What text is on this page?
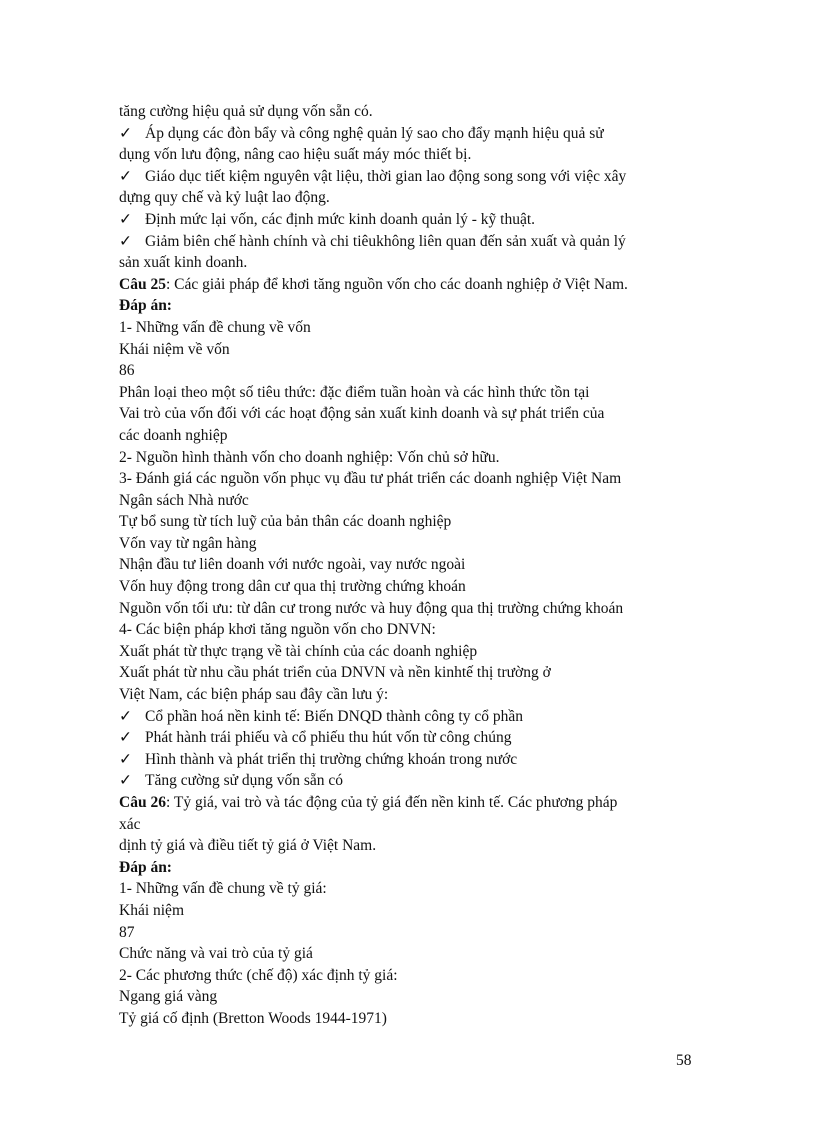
tăng cường hiệu quả sử dụng vốn sẵn có.
✓ Áp dụng các đòn bẩy và công nghệ quản lý sao cho đẩy mạnh hiệu quả sử
dụng vốn lưu động, nâng cao hiệu suất máy móc thiết bị.
✓ Giáo dục tiết kiệm nguyên vật liệu, thời gian lao động song song với việc xây
dựng quy chế và kỷ luật lao động.
✓ Định mức lại vốn, các định mức kinh doanh quản lý - kỹ thuật.
✓ Giảm biên chế hành chính và chi tiêukhông liên quan đến sản xuất và quản lý
sản xuất kinh doanh.
Câu 25: Các giải pháp để khơi tăng nguồn vốn cho các doanh nghiệp ở Việt Nam.
Đáp án:
1- Những vấn đề chung về vốn
Khái niệm về vốn
86
Phân loại theo một số tiêu thức: đặc điểm tuần hoàn và các hình thức tồn tại
Vai trò của vốn đối với các hoạt động sản xuất kinh doanh và sự phát triển của
các doanh nghiệp
2- Nguồn hình thành vốn cho doanh nghiệp: Vốn chủ sở hữu.
3- Đánh giá các nguồn vốn phục vụ đầu tư phát triển các doanh nghiệp Việt Nam
Ngân sách Nhà nước
Tự bổ sung từ tích luỹ của bản thân các doanh nghiệp
Vốn vay từ ngân hàng
Nhận đầu tư liên doanh với nước ngoài, vay nước ngoài
Vốn huy động trong dân cư qua thị trường chứng khoán
Nguồn vốn tối ưu: từ dân cư trong nước và huy động qua thị trường chứng khoán
4- Các biện pháp khơi tăng nguồn vốn cho DNVN:
Xuất phát từ thực trạng về tài chính của các doanh nghiệp
Xuất phát từ nhu cầu phát triển của DNVN và nền kinhtế thị trường ở
Việt Nam, các biện pháp sau đây cần lưu ý:
✓ Cổ phần hoá nền kinh tế: Biến DNQD thành công ty cổ phần
✓ Phát hành trái phiếu và cổ phiếu thu hút vốn từ công chúng
✓ Hình thành và phát triển thị trường chứng khoán trong nước
✓ Tăng cường sử dụng vốn sẵn có
Câu 26: Tỷ giá, vai trò và tác động của tỷ giá đến nền kinh tế. Các phương pháp
xác
dịnh tỷ giá và điều tiết tỷ giá ở Việt Nam.
Đáp án:
1- Những vấn đề chung về tỷ giá:
Khái niệm
87
Chức năng và vai trò của tỷ giá
2- Các phương thức (chế độ) xác định tỷ giá:
Ngang giá vàng
Tỷ giá cố định (Bretton Woods 1944-1971)
58
